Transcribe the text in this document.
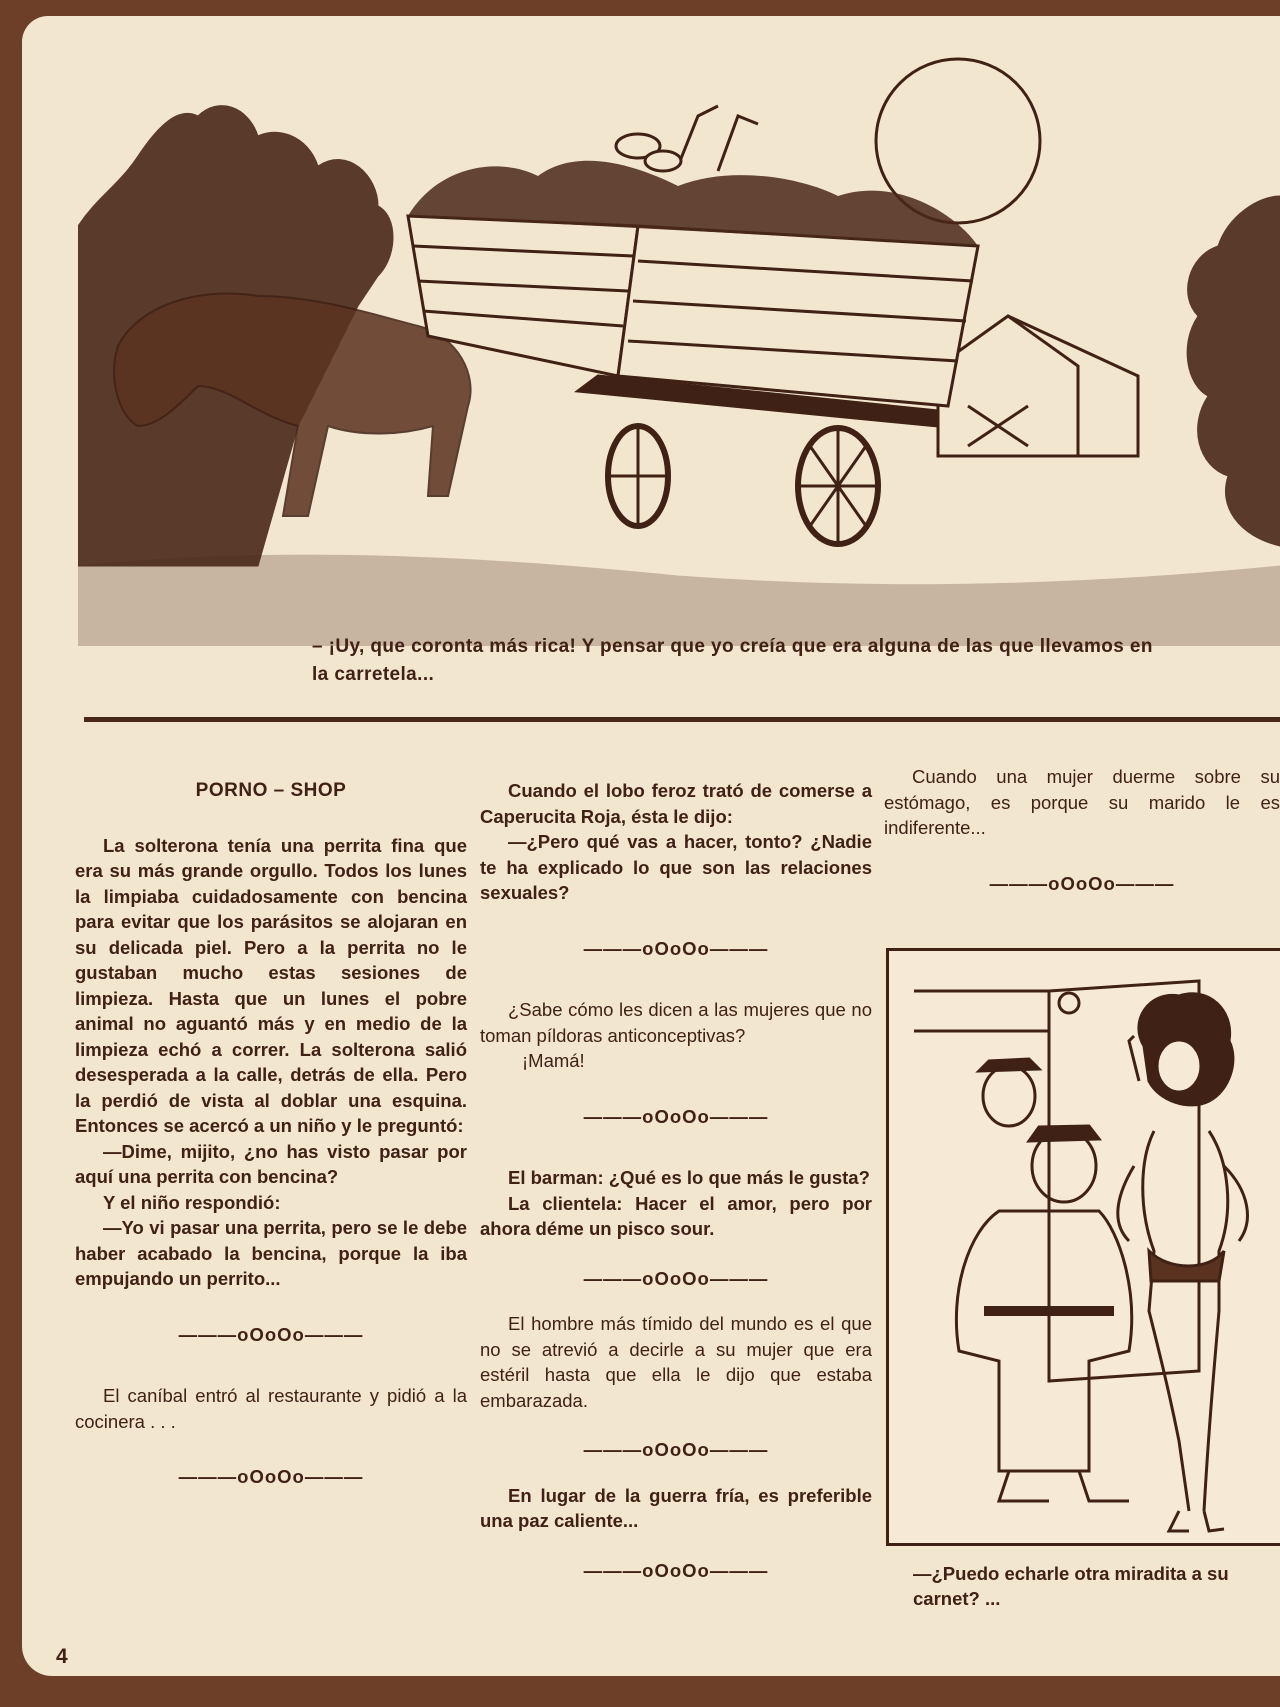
– ¡Uy, que coronta más rica! Y pensar que yo creía que era alguna de las que llevamos en la carretela...
PORNO – SHOP

La solterona tenía una perrita fina que era su más grande orgullo. Todos los lunes la limpiaba cuidadosamente con bencina para evitar que los parásitos se alojaran en su delicada piel. Pero a la perrita no le gustaban mucho estas sesiones de limpieza. Hasta que un lunes el pobre animal no aguantó más y en medio de la limpieza echó a correr. La solterona salió desesperada a la calle, detrás de ella. Pero la perdió de vista al doblar una esquina. Entonces se acercó a un niño y le preguntó:

—Dime, mijito, ¿no has visto pasar por aquí una perrita con bencina?

Y el niño respondió:

—Yo vi pasar una perrita, pero se le debe haber acabado la bencina, porque la iba empujando un perrito...

———oOoOo———

El caníbal entró al restaurante y pidió a la cocinera . . .

———oOoOo———

Cuando el lobo feroz trató de comerse a Caperucita Roja, ésta le dijo:

—¿Pero qué vas a hacer, tonto? ¿Nadie te ha explicado lo que son las relaciones sexuales?

———oOoOo———

¿Sabe cómo les dicen a las mujeres que no toman píldoras anticonceptivas?

¡Mamá!

———oOoOo———

El barman: ¿Qué es lo que más le gusta?

La clientela: Hacer el amor, pero por ahora déme un pisco sour.

———oOoOo———

El hombre más tímido del mundo es el que no se atrevió a decirle a su mujer que era estéril hasta que ella le dijo que estaba embarazada.

———oOoOo———

En lugar de la guerra fría, es preferible una paz caliente...

———oOoOo———

Cuando una mujer duerme sobre su estómago, es porque su marido le es indiferente...

———oOoOo———
—¿Puedo echarle otra miradita a su carnet? ...
4
